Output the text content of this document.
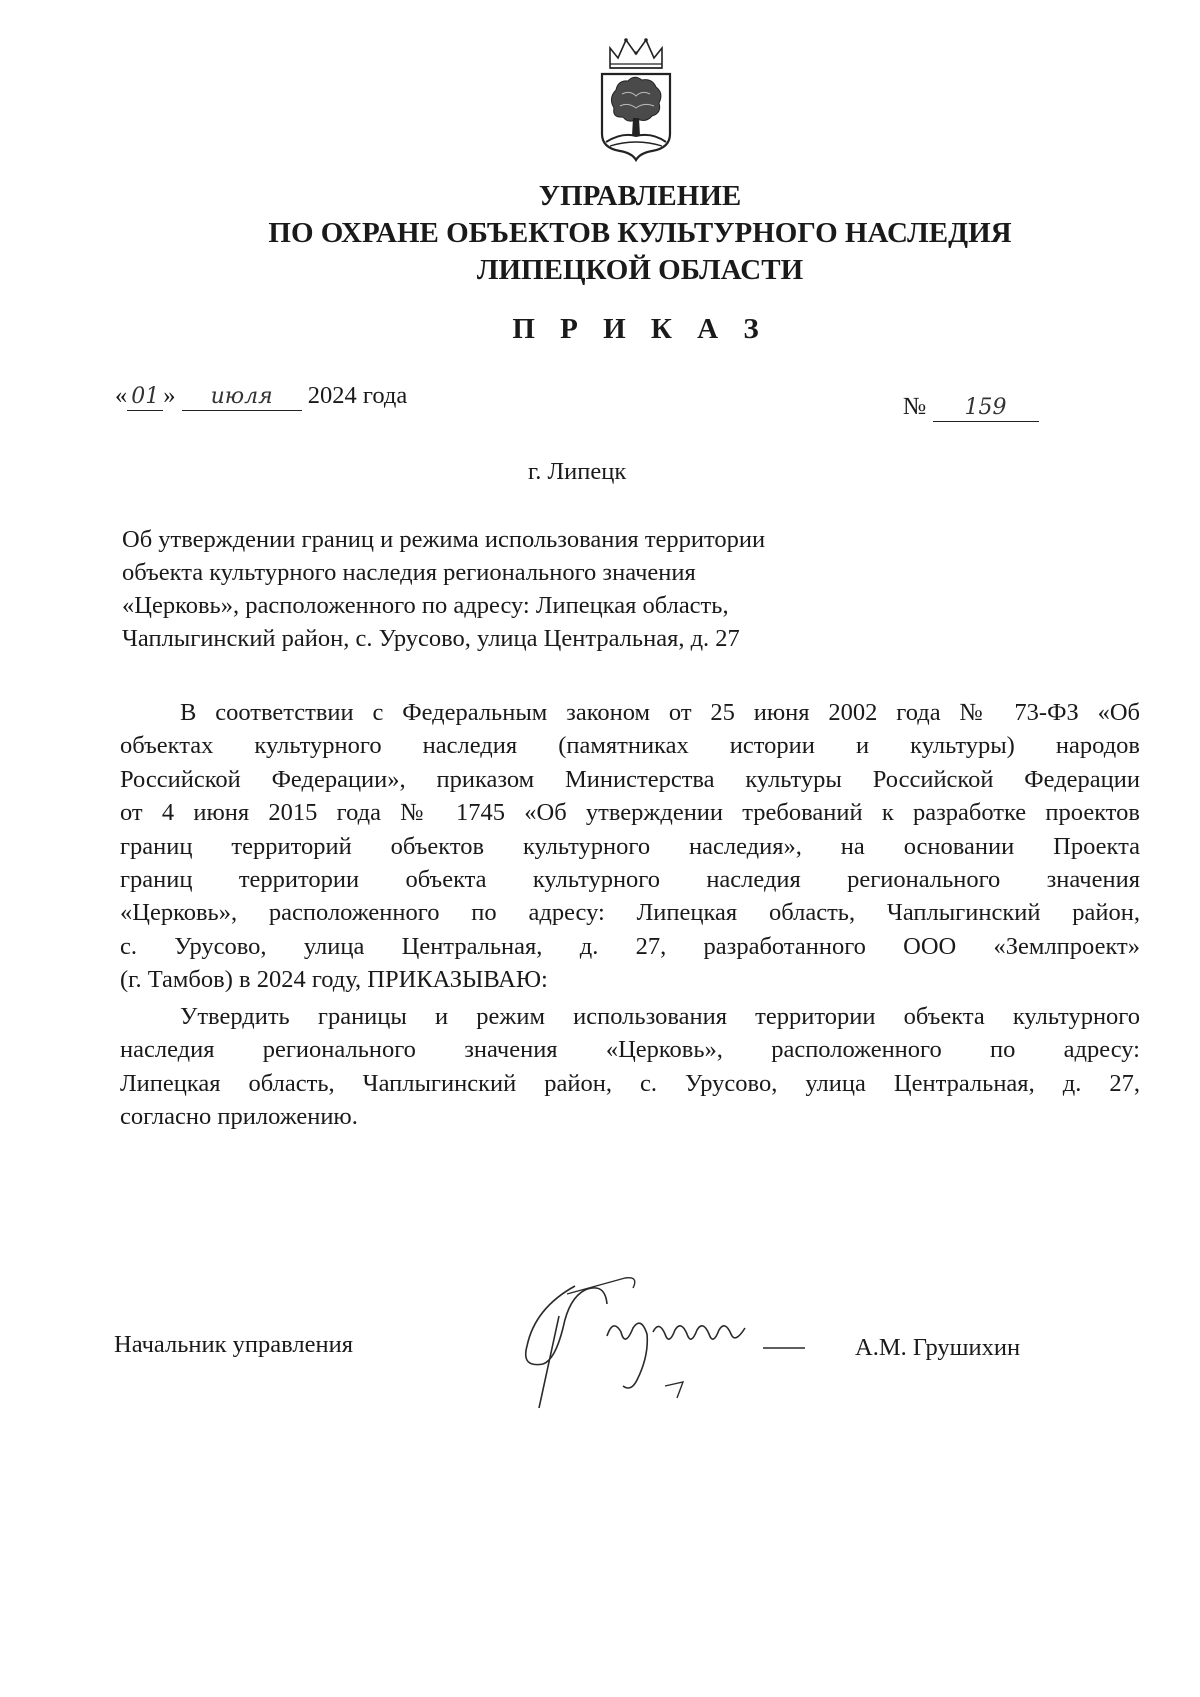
УПРАВЛЕНИЕ
ПО ОХРАНЕ ОБЪЕКТОВ КУЛЬТУРНОГО НАСЛЕДИЯ
ЛИПЕЦКОЙ ОБЛАСТИ
П Р И К А З
« 01 » июля 2024 года	№ 159
г. Липецк
Об утверждении границ и режима использования территории
объекта культурного наследия регионального значения
«Церковь», расположенного по адресу: Липецкая область,
Чаплыгинский район, с. Урусово, улица Центральная, д. 27
В соответствии с Федеральным законом от 25 июня 2002 года № 73-ФЗ «Об
объектах культурного наследия (памятниках истории и культуры) народов
Российской Федерации», приказом Министерства культуры Российской Федерации
от 4 июня 2015 года № 1745 «Об утверждении требований к разработке проектов
границ территорий объектов культурного наследия», на основании Проекта
границ территории объекта культурного наследия регионального значения
«Церковь», расположенного по адресу: Липецкая область, Чаплыгинский район,
с. Урусово, улица Центральная, д. 27, разработанного ООО «Землпроект»
(г. Тамбов) в 2024 году, ПРИКАЗЫВАЮ:
Утвердить границы и режим использования территории объекта культурного
наследия регионального значения «Церковь», расположенного по адресу:
Липецкая область, Чаплыгинский район, с. Урусово, улица Центральная, д. 27,
согласно приложению.
Начальник управления	А.М. Грушихин
